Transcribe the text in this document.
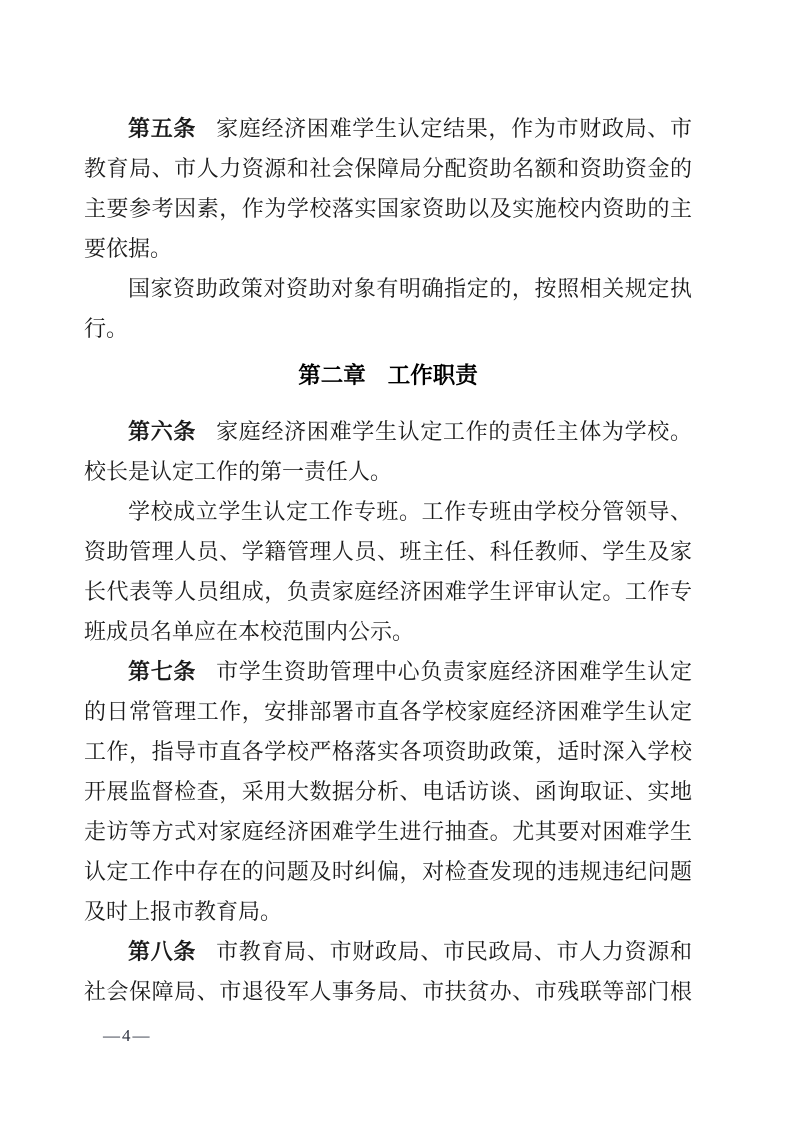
第五条 家庭经济困难学生认定结果，作为市财政局、市
教育局、市人力资源和社会保障局分配资助名额和资助资金的
主要参考因素，作为学校落实国家资助以及实施校内资助的主
要依据。
国家资助政策对资助对象有明确指定的，按照相关规定执
行。
第二章 工作职责
第六条 家庭经济困难学生认定工作的责任主体为学校。
校长是认定工作的第一责任人。
学校成立学生认定工作专班。工作专班由学校分管领导、
资助管理人员、学籍管理人员、班主任、科任教师、学生及家
长代表等人员组成，负责家庭经济困难学生评审认定。工作专
班成员名单应在本校范围内公示。
第七条 市学生资助管理中心负责家庭经济困难学生认定
的日常管理工作，安排部署市直各学校家庭经济困难学生认定
工作，指导市直各学校严格落实各项资助政策，适时深入学校
开展监督检查，采用大数据分析、电话访谈、函询取证、实地
走访等方式对家庭经济困难学生进行抽查。尤其要对困难学生
认定工作中存在的问题及时纠偏，对检查发现的违规违纪问题
及时上报市教育局。
第八条 市教育局、市财政局、市民政局、市人力资源和
社会保障局、市退役军人事务局、市扶贫办、市残联等部门根
—4—
